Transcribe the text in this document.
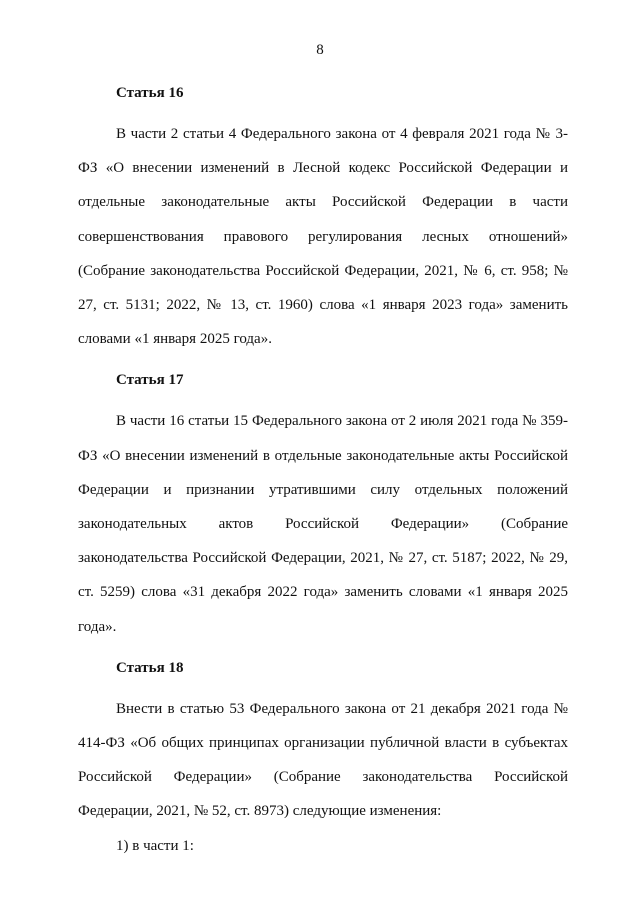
8
Статья 16

В части 2 статьи 4 Федерального закона от 4 февраля 2021 года № 3-ФЗ «О внесении изменений в Лесной кодекс Российской Федерации и отдельные законодательные акты Российской Федерации в части совершенствования правового регулирования лесных отношений» (Собрание законодательства Российской Федерации, 2021, № 6, ст. 958; № 27, ст. 5131; 2022, № 13, ст. 1960) слова «1 января 2023 года» заменить словами «1 января 2025 года».

Статья 17

В части 16 статьи 15 Федерального закона от 2 июля 2021 года № 359-ФЗ «О внесении изменений в отдельные законодательные акты Российской Федерации и признании утратившими силу отдельных положений законодательных актов Российской Федерации» (Собрание законодательства Российской Федерации, 2021, № 27, ст. 5187; 2022, № 29, ст. 5259) слова «31 декабря 2022 года» заменить словами «1 января 2025 года».

Статья 18

Внести в статью 53 Федерального закона от 21 декабря 2021 года № 414-ФЗ «Об общих принципах организации публичной власти в субъектах Российской Федерации» (Собрание законодательства Российской Федерации, 2021, № 52, ст. 8973) следующие изменения:

1) в части 1:
